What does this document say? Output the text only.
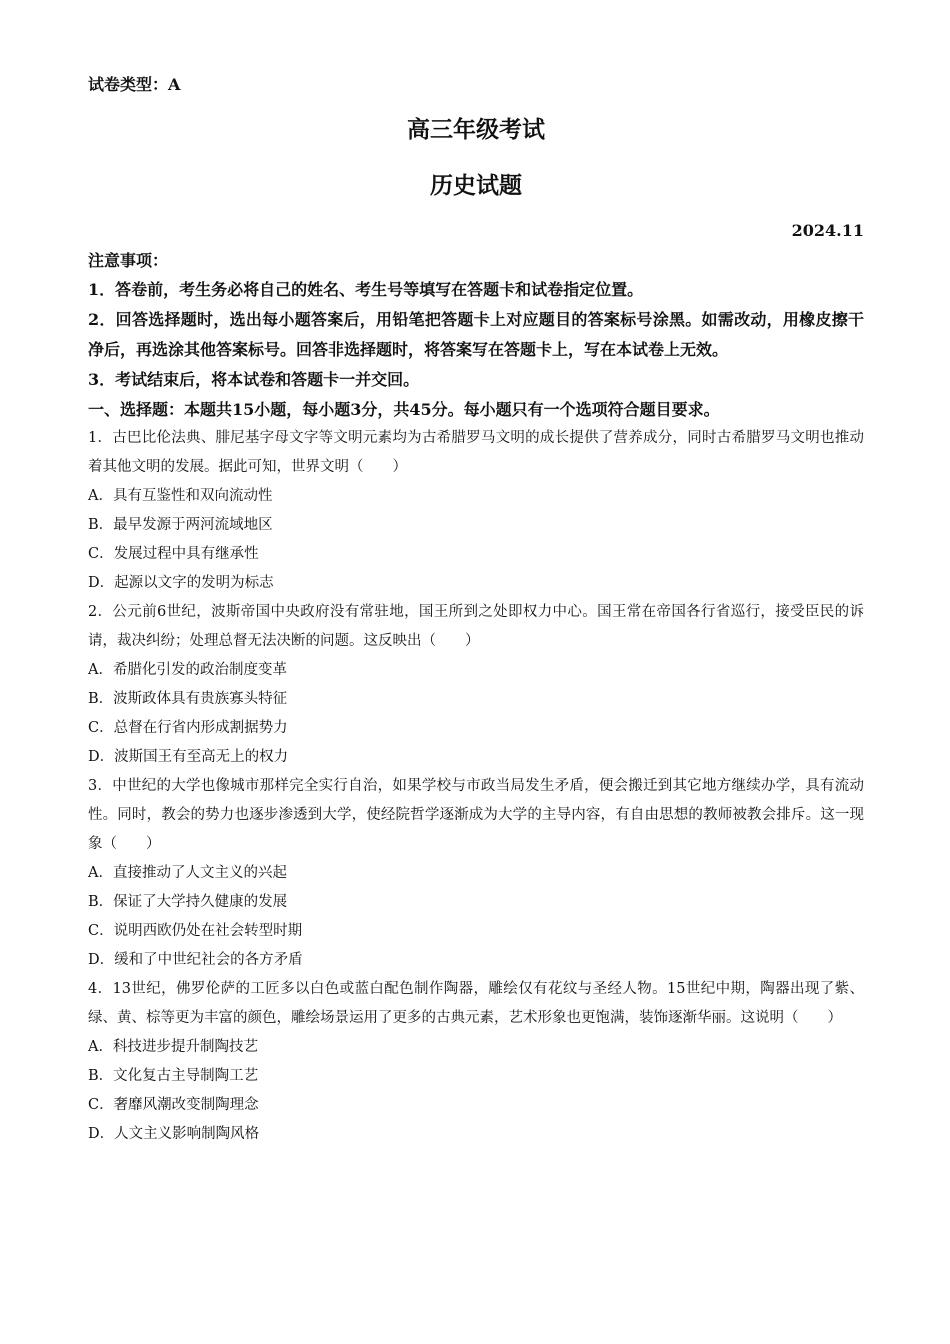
试卷类型：A
高三年级考试
历史试题
2024.11
注意事项：
1．答卷前，考生务必将自己的姓名、考生号等填写在答题卡和试卷指定位置。
2．回答选择题时，选出每小题答案后，用铅笔把答题卡上对应题目的答案标号涂黑。如需改动，用橡皮擦干净后，再选涂其他答案标号。回答非选择题时，将答案写在答题卡上，写在本试卷上无效。
3．考试结束后，将本试卷和答题卡一并交回。
一、选择题：本题共15小题，每小题3分，共45分。每小题只有一个选项符合题目要求。
1．古巴比伦法典、腓尼基字母文字等文明元素均为古希腊罗马文明的成长提供了营养成分，同时古希腊罗马文明也推动着其他文明的发展。据此可知，世界文明（　　）
A．具有互鉴性和双向流动性
B．最早发源于两河流域地区
C．发展过程中具有继承性
D．起源以文字的发明为标志
2．公元前6世纪，波斯帝国中央政府没有常驻地，国王所到之处即权力中心。国王常在帝国各行省巡行，接受臣民的诉请，裁决纠纷；处理总督无法决断的问题。这反映出（　　）
A．希腊化引发的政治制度变革
B．波斯政体具有贵族寡头特征
C．总督在行省内形成割据势力
D．波斯国王有至高无上的权力
3．中世纪的大学也像城市那样完全实行自治，如果学校与市政当局发生矛盾，便会搬迁到其它地方继续办学，具有流动性。同时，教会的势力也逐步渗透到大学，使经院哲学逐渐成为大学的主导内容，有自由思想的教师被教会排斥。这一现象（　　）
A．直接推动了人文主义的兴起
B．保证了大学持久健康的发展
C．说明西欧仍处在社会转型时期
D．缓和了中世纪社会的各方矛盾
4．13世纪，佛罗伦萨的工匠多以白色或蓝白配色制作陶器，雕绘仅有花纹与圣经人物。15世纪中期，陶器出现了紫、绿、黄、棕等更为丰富的颜色，雕绘场景运用了更多的古典元素，艺术形象也更饱满，装饰逐渐华丽。这说明（　　）
A．科技进步提升制陶技艺
B．文化复古主导制陶工艺
C．奢靡风潮改变制陶理念
D．人文主义影响制陶风格
